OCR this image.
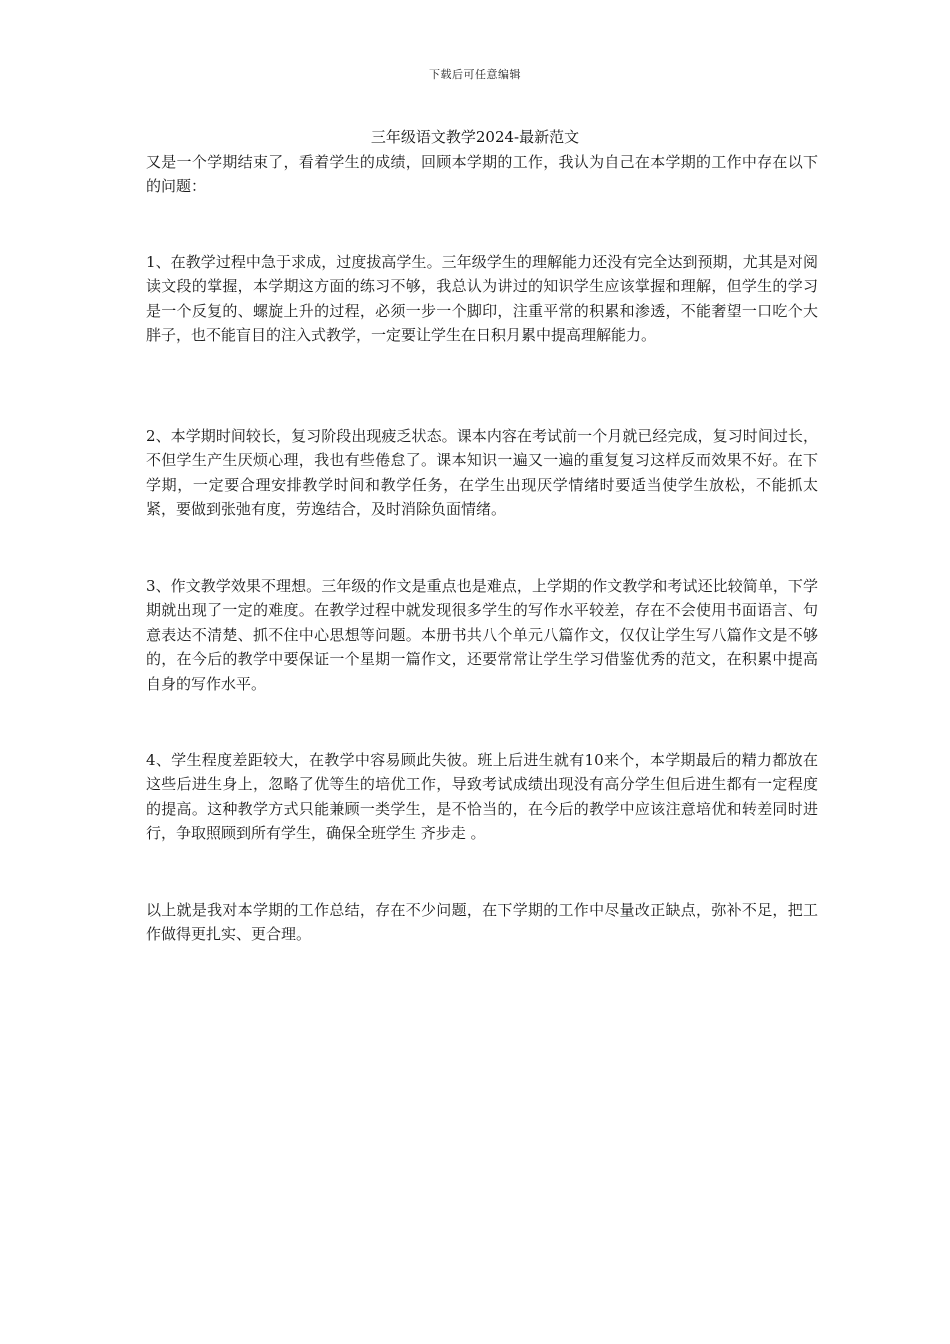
下载后可任意编辑
三年级语文教学2024-最新范文
又是一个学期结束了，看着学生的成绩，回顾本学期的工作，我认为自己在本学期的工作中存在以下的问题：
1、在教学过程中急于求成，过度拔高学生。三年级学生的理解能力还没有完全达到预期，尤其是对阅读文段的掌握，本学期这方面的练习不够，我总认为讲过的知识学生应该掌握和理解，但学生的学习是一个反复的、螺旋上升的过程，必须一步一个脚印，注重平常的积累和渗透，不能奢望一口吃个大胖子，也不能盲目的注入式教学，一定要让学生在日积月累中提高理解能力。
2、本学期时间较长，复习阶段出现疲乏状态。课本内容在考试前一个月就已经完成，复习时间过长，不但学生产生厌烦心理，我也有些倦怠了。课本知识一遍又一遍的重复复习这样反而效果不好。在下学期，一定要合理安排教学时间和教学任务，在学生出现厌学情绪时要适当使学生放松，不能抓太紧，要做到张弛有度，劳逸结合，及时消除负面情绪。
3、作文教学效果不理想。三年级的作文是重点也是难点，上学期的作文教学和考试还比较简单，下学期就出现了一定的难度。在教学过程中就发现很多学生的写作水平较差，存在不会使用书面语言、句意表达不清楚、抓不住中心思想等问题。本册书共八个单元八篇作文，仅仅让学生写八篇作文是不够的，在今后的教学中要保证一个星期一篇作文，还要常常让学生学习借鉴优秀的范文，在积累中提高自身的写作水平。
4、学生程度差距较大，在教学中容易顾此失彼。班上后进生就有10来个，本学期最后的精力都放在这些后进生身上，忽略了优等生的培优工作，导致考试成绩出现没有高分学生但后进生都有一定程度的提高。这种教学方式只能兼顾一类学生，是不恰当的，在今后的教学中应该注意培优和转差同时进行，争取照顾到所有学生，确保全班学生 齐步走 。
以上就是我对本学期的工作总结，存在不少问题，在下学期的工作中尽量改正缺点，弥补不足，把工作做得更扎实、更合理。
